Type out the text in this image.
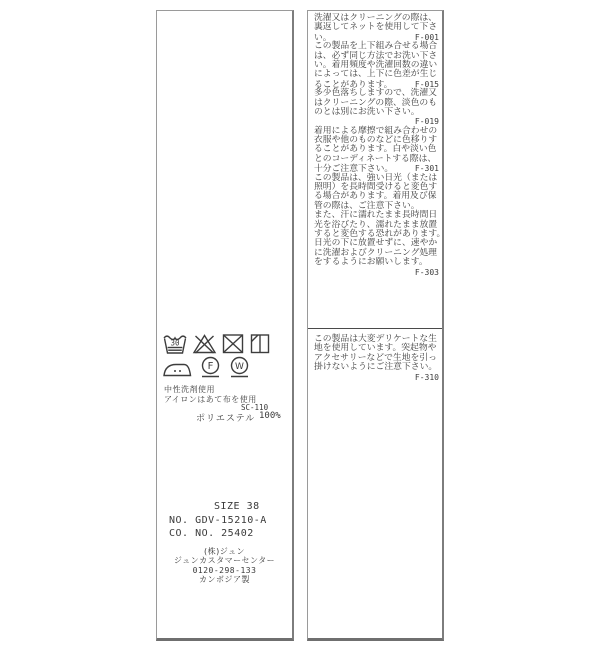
30
F W
中性洗剤使用
アイロンはあて布を使用
SC-110
ポリエステル 100%
SIZE 38
NO. GDV-15210-A
CO. NO. 25402
(株)ジュン
ジュンカスタマーセンター
0120-298-133
カンボジア製
洗濯又はクリーニングの際は、
裏返してネットを使用して下さ
い。	F-001
この製品を上下組み合せる場合
は、必ず同じ方法でお洗い下さ
い。着用頻度や洗濯回数の違い
によっては、上下に色差が生じ
ることがあります。	F-015
多少色落ちしますので、洗濯又
はクリーニングの際、淡色のも
のとは別にお洗い下さい。
F-019
着用による摩擦で組み合わせの
衣服や他のものなどに色移りす
ることがあります。白や淡い色
とのコーディネートする際は、
十分ご注意下さい。	F-301
この製品は、強い日光（または
照明）を長時間受けると変色す
る場合があります。着用及び保
管の際は、ご注意下さい。
また、汗に濡れたまま長時間日
光を浴びたり、濡れたまま放置
すると変色する恐れがあります。
日光の下に放置せずに、速やか
に洗濯およびクリーニング処理
をするようにお願いします。
F-303
この製品は大変デリケートな生
地を使用しています。突起物や
アクセサリーなどで生地を引っ
掛けないようにご注意下さい。
F-310
